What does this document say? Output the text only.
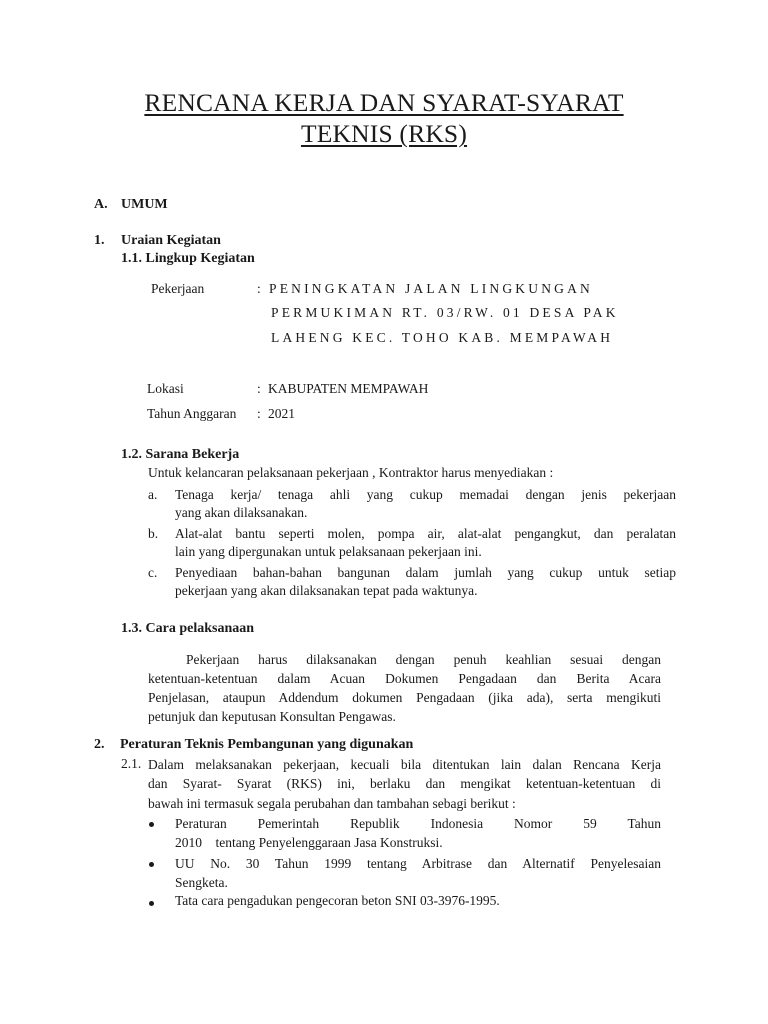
RENCANA KERJA DAN SYARAT-SYARAT
TEKNIS (RKS)
A. UMUM
1. Uraian Kegiatan
1.1. Lingkup Kegiatan
Pekerjaan	: PENINGKATAN JALAN LINGKUNGAN
PERMUKIMAN RT. 03/RW. 01 DESA PAK
LAHENG KEC. TOHO KAB. MEMPAWAH
Lokasi	: KABUPATEN MEMPAWAH
Tahun Anggaran : 2021
1.2. Sarana Bekerja
Untuk kelancaran pelaksanaan pekerjaan , Kontraktor harus menyediakan :
a. Tenaga kerja/ tenaga ahli yang cukup memadai dengan jenis pekerjaan
yang akan dilaksanakan.
b. Alat-alat bantu seperti molen, pompa air, alat-alat pengangkut, dan peralatan
lain yang dipergunakan untuk pelaksanaan pekerjaan ini.
c. Penyediaan bahan-bahan bangunan dalam jumlah yang cukup untuk setiap
pekerjaan yang akan dilaksanakan tepat pada waktunya.
1.3. Cara pelaksanaan
Pekerjaan harus dilaksanakan dengan penuh keahlian sesuai dengan
ketentuan-ketentuan dalam Acuan Dokumen Pengadaan dan Berita Acara
Penjelasan, ataupun Addendum dokumen Pengadaan (jika ada), serta mengikuti
petunjuk dan keputusan Konsultan Pengawas.
2. Peraturan Teknis Pembangunan yang digunakan
2.1. Dalam melaksanakan pekerjaan, kecuali bila ditentukan lain dalan Rencana Kerja
dan Syarat- Syarat (RKS) ini, berlaku dan mengikat ketentuan-ketentuan di
bawah ini termasuk segala perubahan dan tambahan sebagi berikut :
Peraturan Pemerintah Republik Indonesia Nomor 59 Tahun
2010    tentang Penyelenggaraan Jasa Konstruksi.
UU No. 30 Tahun 1999 tentang Arbitrase dan Alternatif Penyelesaian
Sengketa.
Tata cara pengadukan pengecoran beton SNI 03-3976-1995.
